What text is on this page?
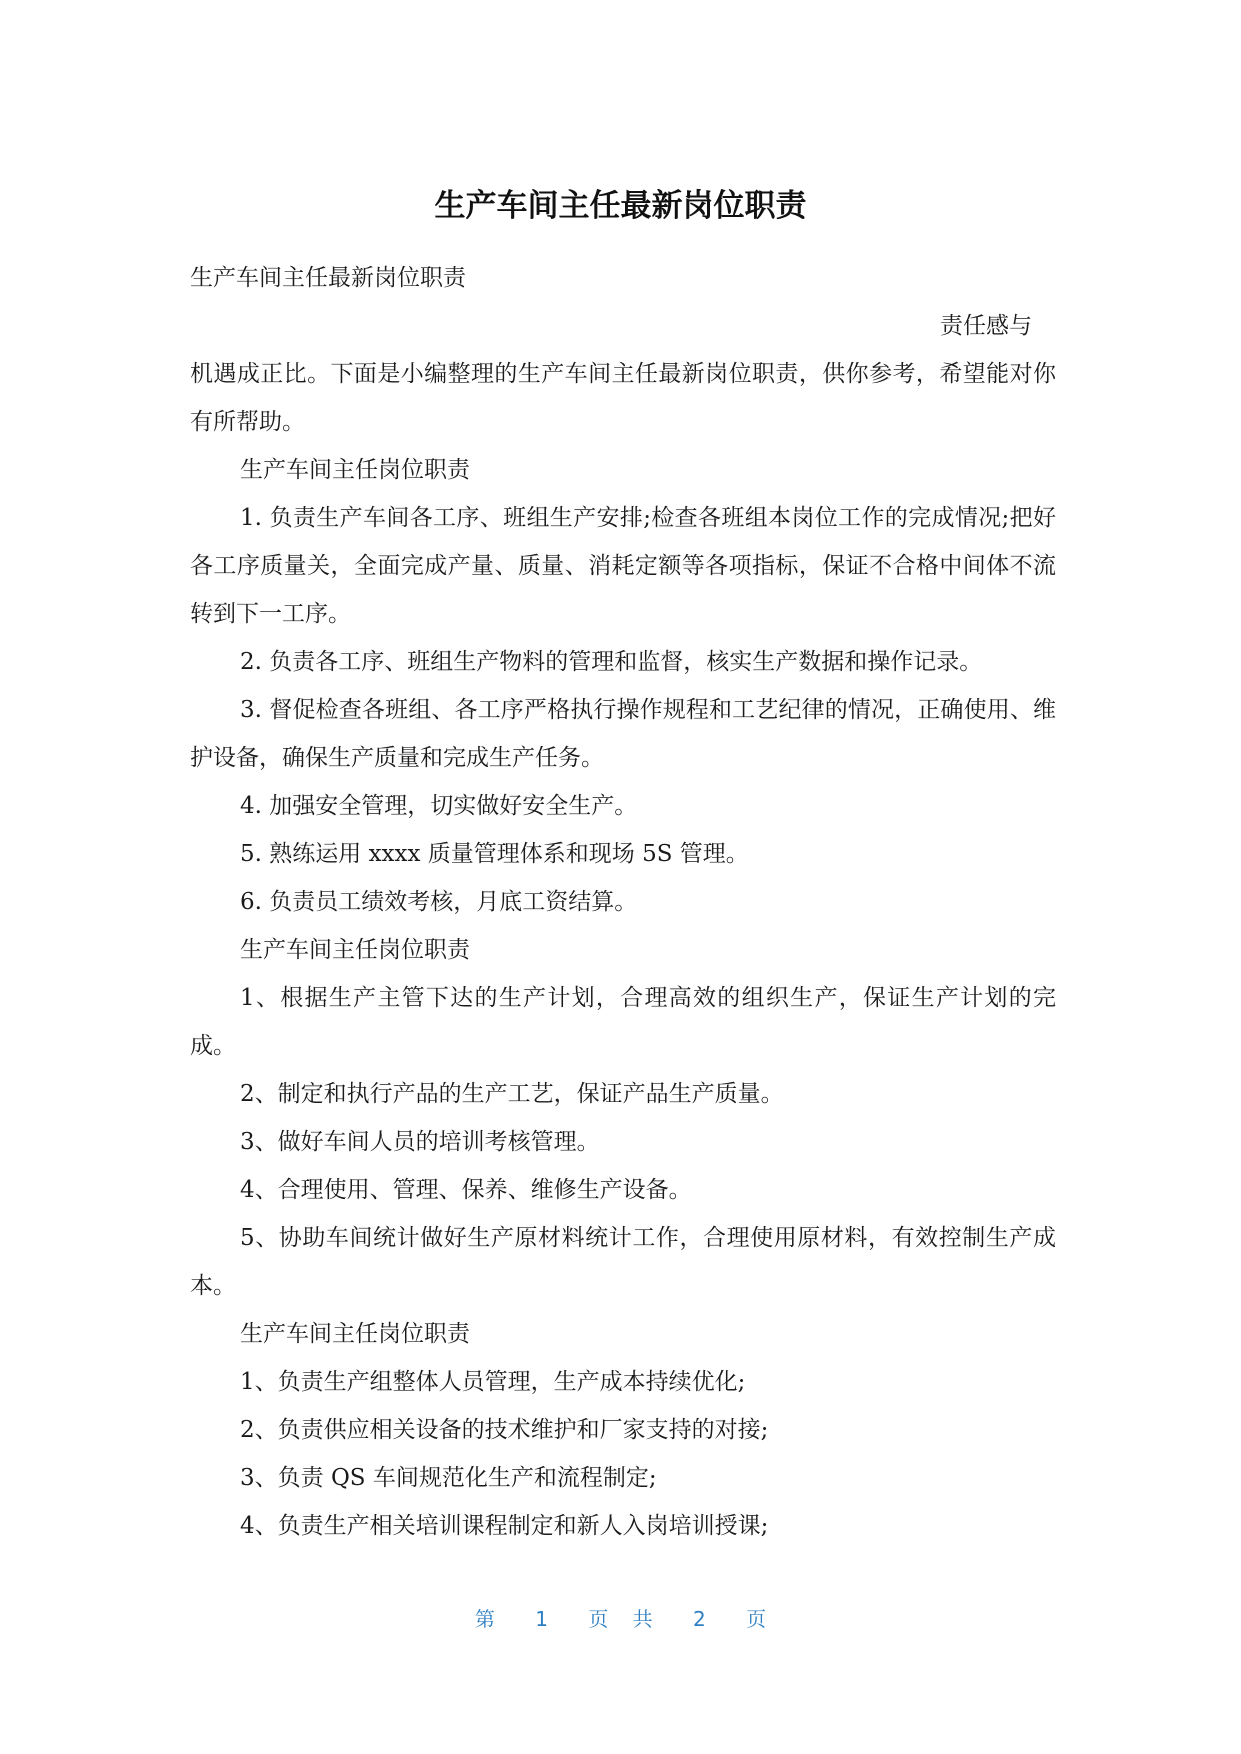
生产车间主任最新岗位职责

生产车间主任最新岗位职责

责任感与

机遇成正比。下面是小编整理的生产车间主任最新岗位职责，供你参考，希望能对你有所帮助。

生产车间主任岗位职责

1. 负责生产车间各工序、班组生产安排;检查各班组本岗位工作的完成情况;把好各工序质量关，全面完成产量、质量、消耗定额等各项指标，保证不合格中间体不流转到下一工序。

2. 负责各工序、班组生产物料的管理和监督，核实生产数据和操作记录。

3. 督促检查各班组、各工序严格执行操作规程和工艺纪律的情况，正确使用、维护设备，确保生产质量和完成生产任务。

4. 加强安全管理，切实做好安全生产。

5. 熟练运用 xxxx 质量管理体系和现场 5S 管理。

6. 负责员工绩效考核，月底工资结算。

生产车间主任岗位职责

1、根据生产主管下达的生产计划，合理高效的组织生产，保证生产计划的完成。

2、制定和执行产品的生产工艺，保证产品生产质量。

3、做好车间人员的培训考核管理。

4、合理使用、管理、保养、维修生产设备。

5、协助车间统计做好生产原材料统计工作，合理使用原材料，有效控制生产成本。

生产车间主任岗位职责

1、负责生产组整体人员管理，生产成本持续优化;

2、负责供应相关设备的技术维护和厂家支持的对接;

3、负责 QS 车间规范化生产和流程制定;

4、负责生产相关培训课程制定和新人入岗培训授课;

第 1 页 共 2 页
